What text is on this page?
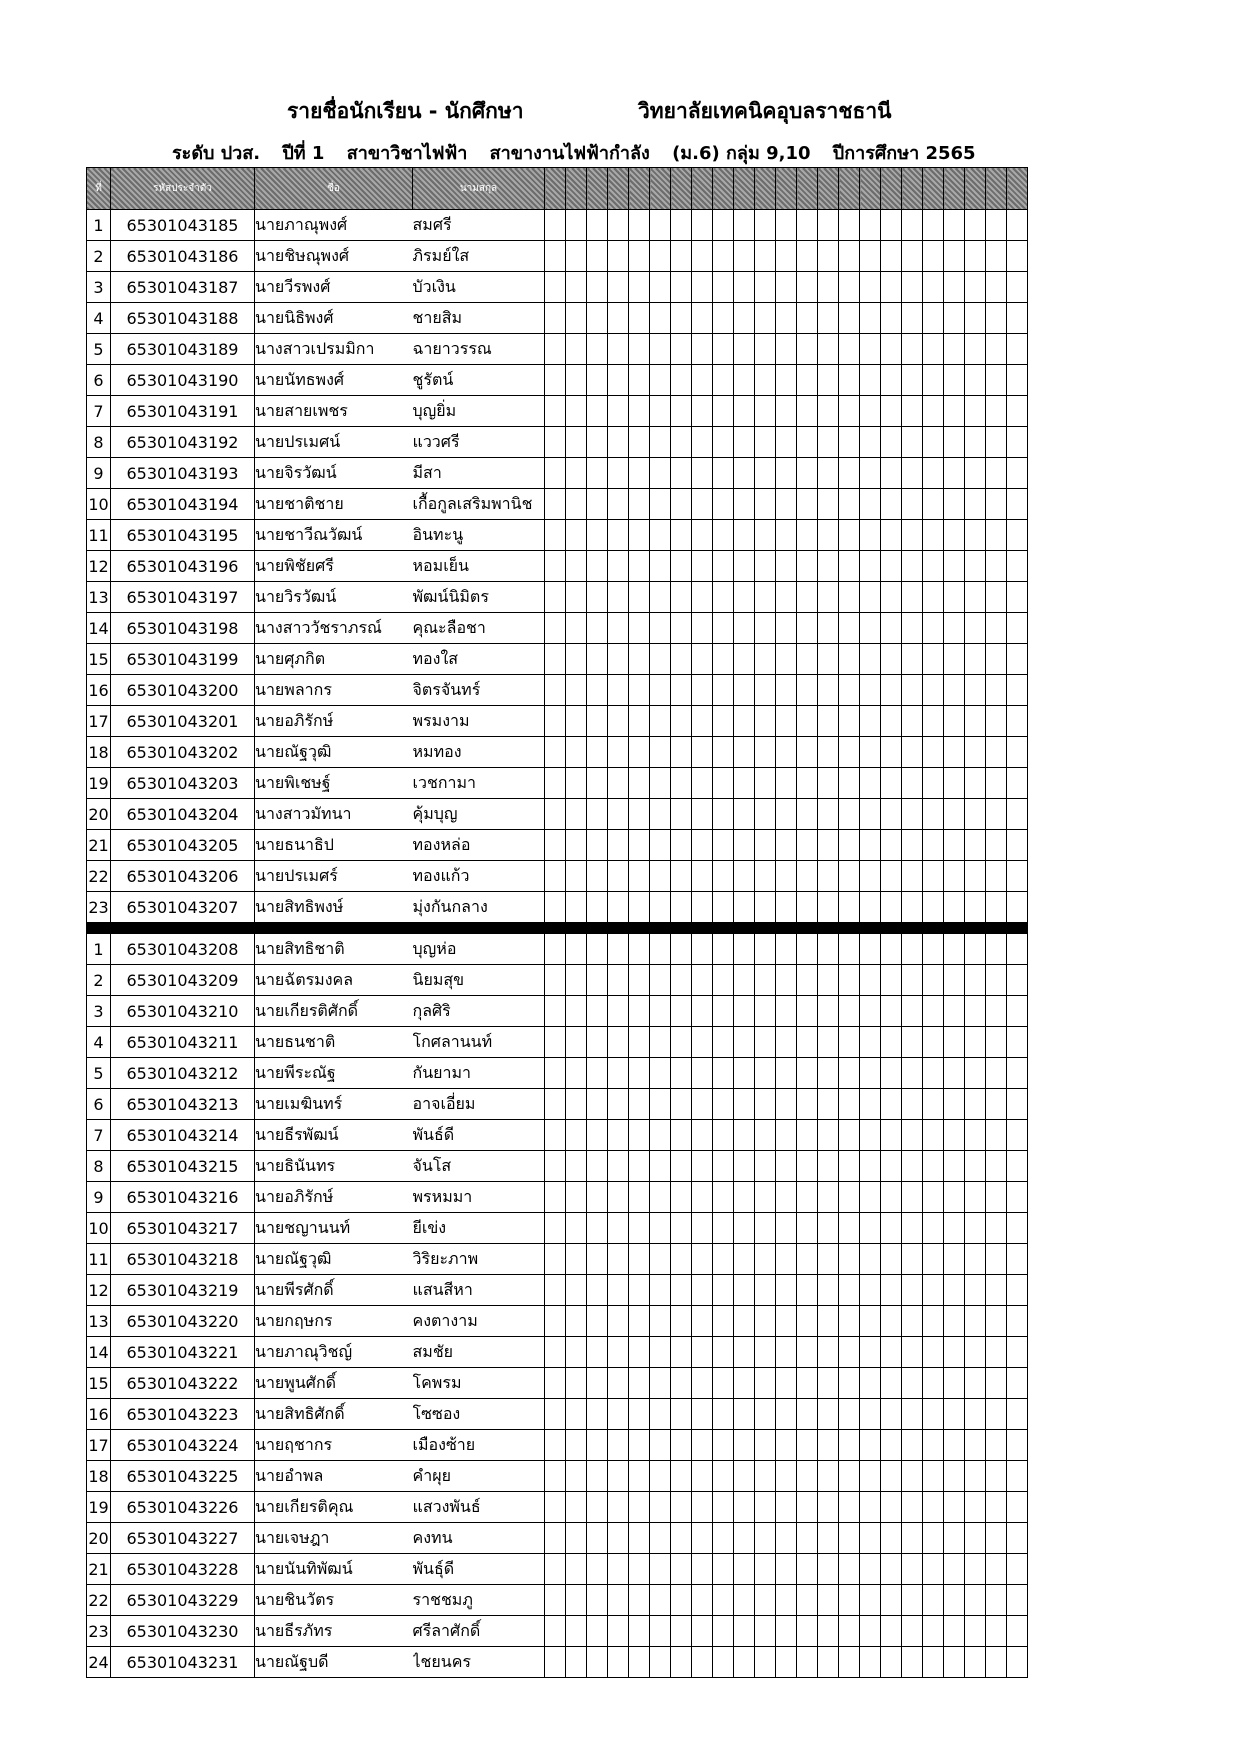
รายชื่อนักเรียน - นักศึกษา	วิทยาลัยเทคนิคอุบลราชธานี
ระดับ ปวส. ปีที่ 1 สาขาวิชาไฟฟ้า สาขางานไฟฟ้ากำลัง (ม.6) กลุ่ม 9,10 ปีการศึกษา 2565
ที่	รหัสประจำตัว	ชื่อ	นามสกุล																							
1	65301043185	นายภาณุพงศ์	สมศรี																							
2	65301043186	นายชิษณุพงศ์	ภิรมย์ใส																							
3	65301043187	นายวีรพงศ์	บัวเงิน																							
4	65301043188	นายนิธิพงศ์	ชายสิม																							
5	65301043189	นางสาวเปรมมิกา	ฉายาวรรณ																							
6	65301043190	นายนัทธพงศ์	ชูรัตน์																							
7	65301043191	นายสายเพชร	บุญยิ่ม																							
8	65301043192	นายปรเมศน์	แววศรี																							
9	65301043193	นายจิรวัฒน์	มีสา																							
10	65301043194	นายชาติชาย	เกื้อกูลเสริมพานิช																							
11	65301043195	นายชาวีณวัฒน์	อินทะนู																							
12	65301043196	นายพิชัยศรี	หอมเย็น																							
13	65301043197	นายวิรวัฒน์	พัฒน์นิมิตร																							
14	65301043198	นางสาววัชราภรณ์	คุณะลือชา																							
15	65301043199	นายศุภกิต	ทองใส																							
16	65301043200	นายพลากร	จิตรจันทร์																							
17	65301043201	นายอภิรักษ์	พรมงาม																							
18	65301043202	นายณัฐวุฒิ	หมทอง																							
19	65301043203	นายพิเชษฐ์	เวชกามา																							
20	65301043204	นางสาวมัทนา	คุ้มบุญ																							
21	65301043205	นายธนาธิป	ทองหล่อ																							
22	65301043206	นายปรเมศร์	ทองแก้ว																							
23	65301043207	นายสิทธิพงษ์	มุ่งกันกลาง																							

1	65301043208	นายสิทธิชาติ	บุญห่อ																							
2	65301043209	นายฉัตรมงคล	นิยมสุข																							
3	65301043210	นายเกียรติศักดิ์	กุลศิริ																							
4	65301043211	นายธนชาติ	โกศลานนท์																							
5	65301043212	นายพีระณัฐ	กันยามา																							
6	65301043213	นายเมฆินทร์	อาจเอี่ยม																							
7	65301043214	นายธีรพัฒน์	พันธ์ดี																							
8	65301043215	นายธินันทร	จันโส																							
9	65301043216	นายอภิรักษ์	พรหมมา																							
10	65301043217	นายชญานนท์	ยีเข่ง																							
11	65301043218	นายณัฐวุฒิ	วิริยะภาพ																							
12	65301043219	นายพีรศักดิ์	แสนสีหา																							
13	65301043220	นายกฤษกร	คงตางาม																							
14	65301043221	นายภาณุวิชญ์	สมชัย																							
15	65301043222	นายพูนศักดิ์	โคพรม																							
16	65301043223	นายสิทธิศักดิ์	โซซอง																							
17	65301043224	นายฤชากร	เมืองซ้าย																							
18	65301043225	นายอำพล	คำผุย																							
19	65301043226	นายเกียรติคุณ	แสวงพันธ์																							
20	65301043227	นายเจษฎา	คงทน																							
21	65301043228	นายนันทิพัฒน์	พันธุ์ดี																							
22	65301043229	นายชินวัตร	ราชชมภู																							
23	65301043230	นายธีรภัทร	ศรีลาศักดิ์																							
24	65301043231	นายณัฐบดี	ไชยนคร																							
